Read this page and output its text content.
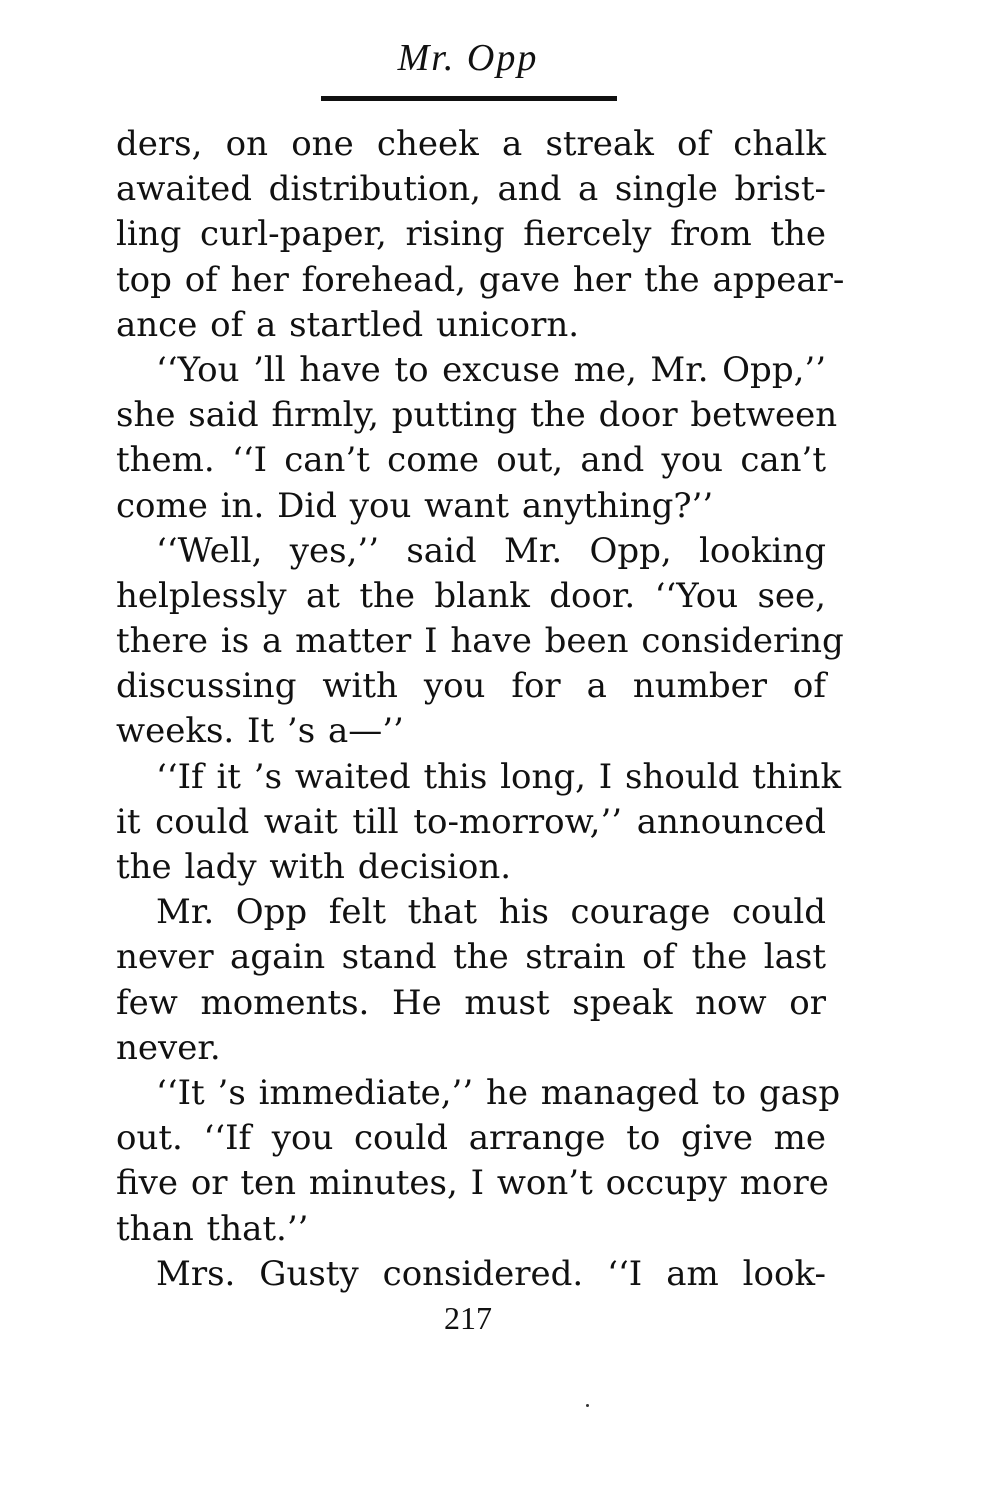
Mr. Opp
ders, on one cheek a streak of chalk
awaited distribution, and a single brist-
ling curl-paper, rising fiercely from the
top of her forehead, gave her the appear-
ance of a startled unicorn.
‘‘You ’ll have to excuse me, Mr. Opp,’’
she said firmly, putting the door between
them. ‘‘I can’t come out, and you can’t
come in. Did you want anything?’’
‘‘Well, yes,’’ said Mr. Opp, looking
helplessly at the blank door. ‘‘You see,
there is a matter I have been considering
discussing with you for a number of
weeks. It ’s a—’’
‘‘If it ’s waited this long, I should think
it could wait till to-morrow,’’ announced
the lady with decision.
Mr. Opp felt that his courage could
never again stand the strain of the last
few moments. He must speak now or
never.
‘‘It ’s immediate,’’ he managed to gasp
out. ‘‘If you could arrange to give me
five or ten minutes, I won’t occupy more
than that.’’
Mrs. Gusty considered. ‘‘I am look-
217
